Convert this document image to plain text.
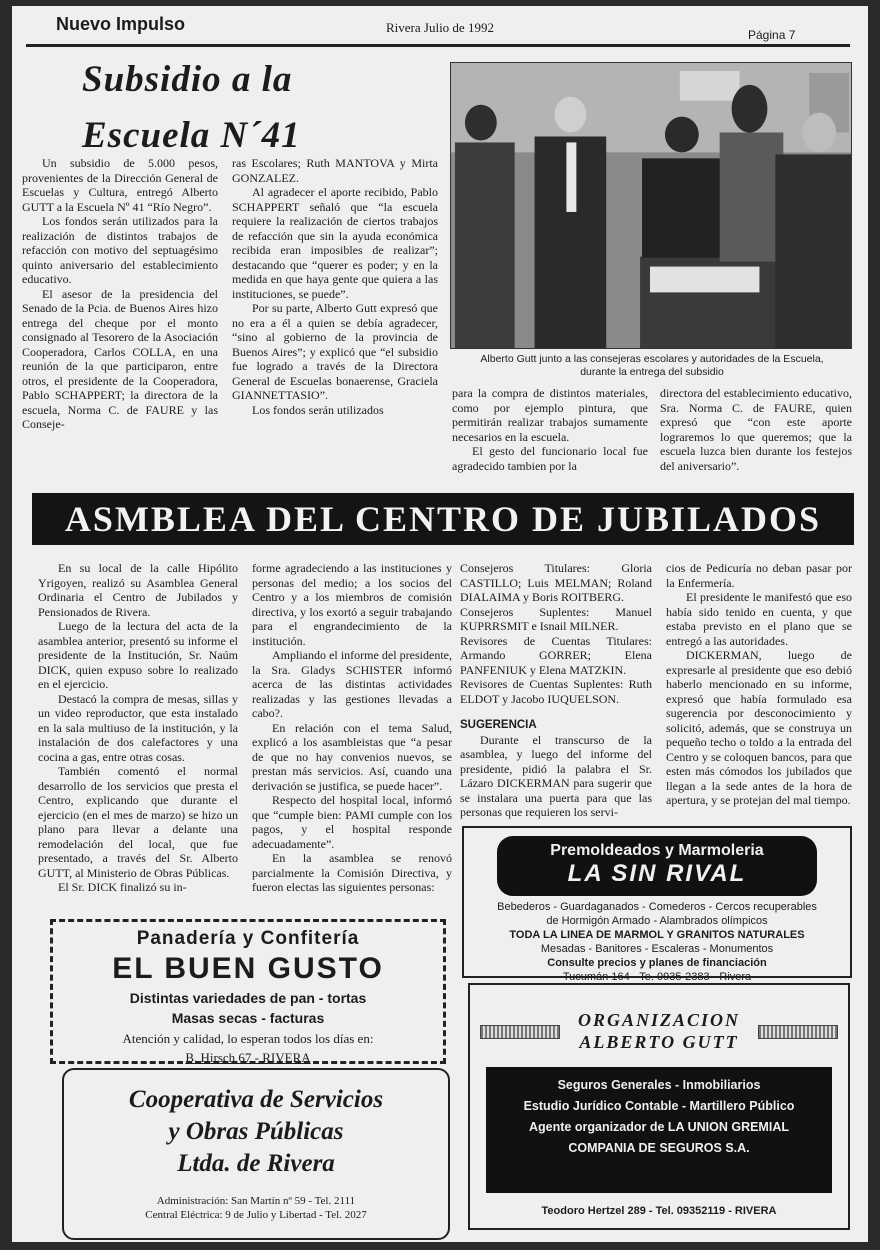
Nuevo Impulso	Rivera Julio de 1992	Página 7
Subsidio a la
Escuela N´41
Alberto Gutt junto a las consejeras escolares y autoridades de la Escuela,
durante la entrega del subsidio

Un subsidio de 5.000 pesos, provenientes de la Dirección General de Escuelas y Cultura, entregó Alberto GUTT a la Escuela Nº 41 “Río Negro”.

Los fondos serán utilizados para la realización de distintos trabajos de refacción con motivo del septuagésimo quinto aniversario del establecimiento educativo.

El asesor de la presidencia del Senado de la Pcia. de Buenos Aires hizo entrega del cheque por el monto consignado al Tesorero de la Asociación Cooperadora, Carlos COLLA, en una reunión de la que participaron, entre otros, el presidente de la Cooperadora, Pablo SCHAPPERT; la directora de la escuela, Norma C. de FAURE y las Conseje-

ras Escolares; Ruth MANTOVA y Mirta GONZALEZ.

Al agradecer el aporte recibido, Pablo SCHAPPERT señaló que “la escuela requiere la realización de ciertos trabajos de refacción que sin la ayuda económica recibida eran imposibles de realizar”; destacando que “querer es poder; y en la medida en que haya gente que quiera a las instituciones, se puede”.

Por su parte, Alberto Gutt expresó que no era a él a quien se debía agradecer, “sino al gobierno de la provincia de Buenos Aires”; y explicó que “el subsidio fue logrado a través de la Directora General de Escuelas bonaerense, Graciela GIANNETTASIO”.

Los fondos serán utilizados

para la compra de distintos materiales, como por ejemplo pintura, que permitirán realizar trabajos sumamente necesarios en la escuela.

El gesto del funcionario local fue agradecido tambien por la

directora del establecimiento educativo, Sra. Norma C. de FAURE, quien expresó que “con este aporte lograremos lo que queremos; que la escuela luzca bien durante los festejos del aniversario”.

ASMBLEA DEL CENTRO DE JUBILADOS

En su local de la calle Hipólito Yrigoyen, realizó su Asamblea General Ordinaria el Centro de Jubilados y Pensionados de Rivera.

Luego de la lectura del acta de la asamblea anterior, presentó su informe el presidente de la Institución, Sr. Naúm DICK, quien expuso sobre lo realizado en el ejercicio.

Destacó la compra de mesas, sillas y un video reproductor, que esta instalado en la sala multiuso de la institución, y la instalación de dos calefactores y una cocina a gas, entre otras cosas.

También comentó el normal desarrollo de los servicios que presta el Centro, explicando que durante el ejercicio (en el mes de marzo) se hizo un plano para llevar a delante una remodelación del local, que fue presentado, a través del Sr. Alberto GUTT, al Ministerio de Obras Públicas.

El Sr. DICK finalizó su in-

forme agradeciendo a las instituciones y personas del medio; a los socios del Centro y a los miembros de comisión directiva, y los exortó a seguir trabajando para el engrandecimiento de la institución.

Ampliando el informe del presidente, la Sra. Gladys SCHISTER informó acerca de las distintas actividades realizadas y las gestiones llevadas a cabo?.

En relación con el tema Salud, explicó a los asambleistas que “a pesar de que no hay convenios nuevos, se prestan más servicios. Así, cuando una derivación se justifica, se puede hacer”.

Respecto del hospital local, informó que “cumple bien: PAMI cumple con los pagos, y el hospital responde adecuadamente”.

En la asamblea se renovó parcialmente la Comisión Directiva, y fueron electas las siguientes personas:

Consejeros Titulares: Gloria CASTILLO; Luis MELMAN; Roland DIALAIMA y Boris ROITBERG.

Consejeros Suplentes: Manuel KUPRRSMIT e Isnail MILNER.

Revisores de Cuentas Titulares: Armando GORRER; Elena PANFENIUK y Elena MATZKIN.

Revisores de Cuentas Suplentes: Ruth ELDOT y Jacobo IUQUELSON.

SUGERENCIA

Durante el transcurso de la asamblea, y luego del informe del presidente, pidió la palabra el Sr. Lázaro DICKERMAN para sugerir que se instalara una puerta para que las personas que requieren los servi-

cios de Pedicuría no deban pasar por la Enfermería.

El presidente le manifestó que eso había sido tenido en cuenta, y que estaba previsto en el plano que se entregó a las autoridades.

DICKERMAN, luego de expresarle al presidente que eso debió haberlo mencionado en su informe, expresó que había formulado esa sugerencia por desconocimiento y solicitó, además, que se construya un pequeño techo o toldo a la entrada del Centro y se coloquen bancos, para que esten más cómodos los jubilados que llegan a la sede antes de la hora de apertura, y se protejan del mal tiempo.

Panadería y Confitería
EL BUEN GUSTO
Distintas variedades de pan - tortas
Masas secas - facturas
Atención y calidad, lo esperan todos los días en:
B. Hirsch 67 - RIVERA
Cooperativa de Servicios
y Obras Públicas
Ltda. de Rivera
Administración: San Martín nº 59 - Tel. 2111
Central Eléctrica: 9 de Julio y Libertad - Tel. 2027
Premoldeados y Marmoleria
LA SIN RIVAL
Bebederos - Guardaganados - Comederos - Cercos recuperables
de Hormigón Armado - Alambrados olímpicos
TODA LA LINEA DE MARMOL Y GRANITOS NATURALES
Mesadas - Banitores - Escaleras - Monumentos
Consulte precios y planes de financiación
Tucumán 164 - Te. 0935-2383 - Rivera
ORGANIZACION
ALBERTO GUTT
Seguros Generales - Inmobiliarios
Estudio Jurídico Contable - Martillero Público
Agente organizador de LA UNION GREMIAL
COMPANIA DE SEGUROS S.A.
Teodoro Hertzel 289 - Tel. 09352119 - RIVERA
